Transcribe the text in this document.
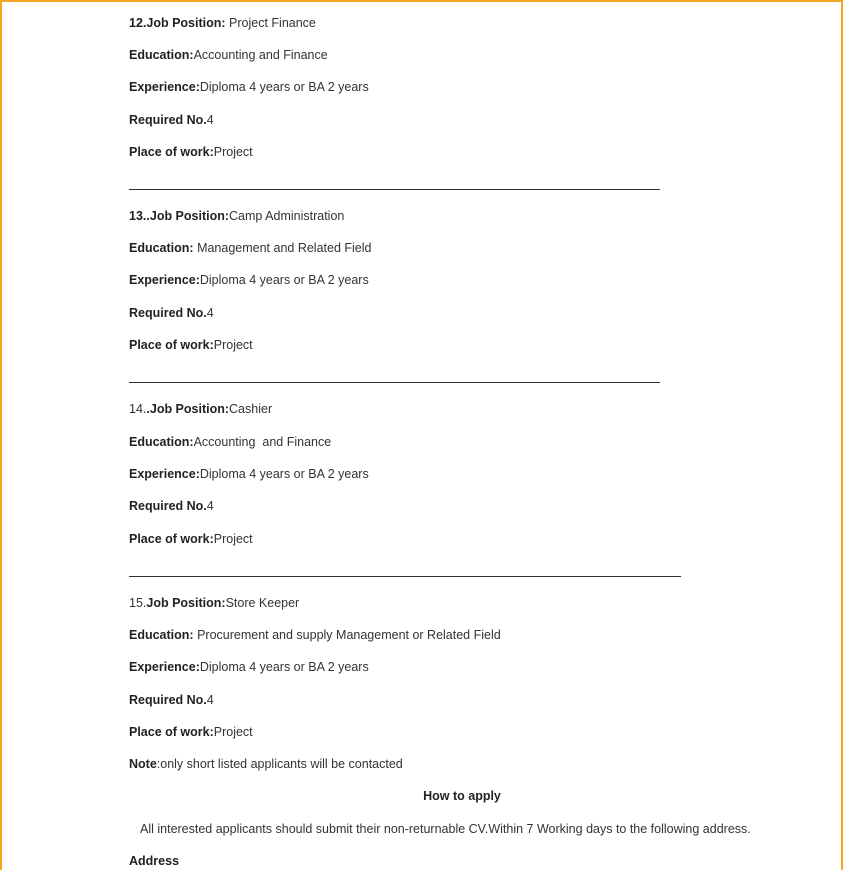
12.Job Position: Project Finance
Education:Accounting and Finance
Experience:Diploma 4 years or BA 2 years
Required No.4
Place of work:Project
13..Job Position:Camp Administration
Education: Management and Related Field
Experience:Diploma 4 years or BA 2 years
Required No.4
Place of work:Project
14..Job Position:Cashier
Education:Accounting  and Finance
Experience:Diploma 4 years or BA 2 years
Required No.4
Place of work:Project
15.Job Position:Store Keeper
Education: Procurement and supply Management or Related Field
Experience:Diploma 4 years or BA 2 years
Required No.4
Place of work:Project
Note:only short listed applicants will be contacted
How to apply
All interested applicants should submit their non-returnable CV.Within 7 Working days to the following address.
Address
